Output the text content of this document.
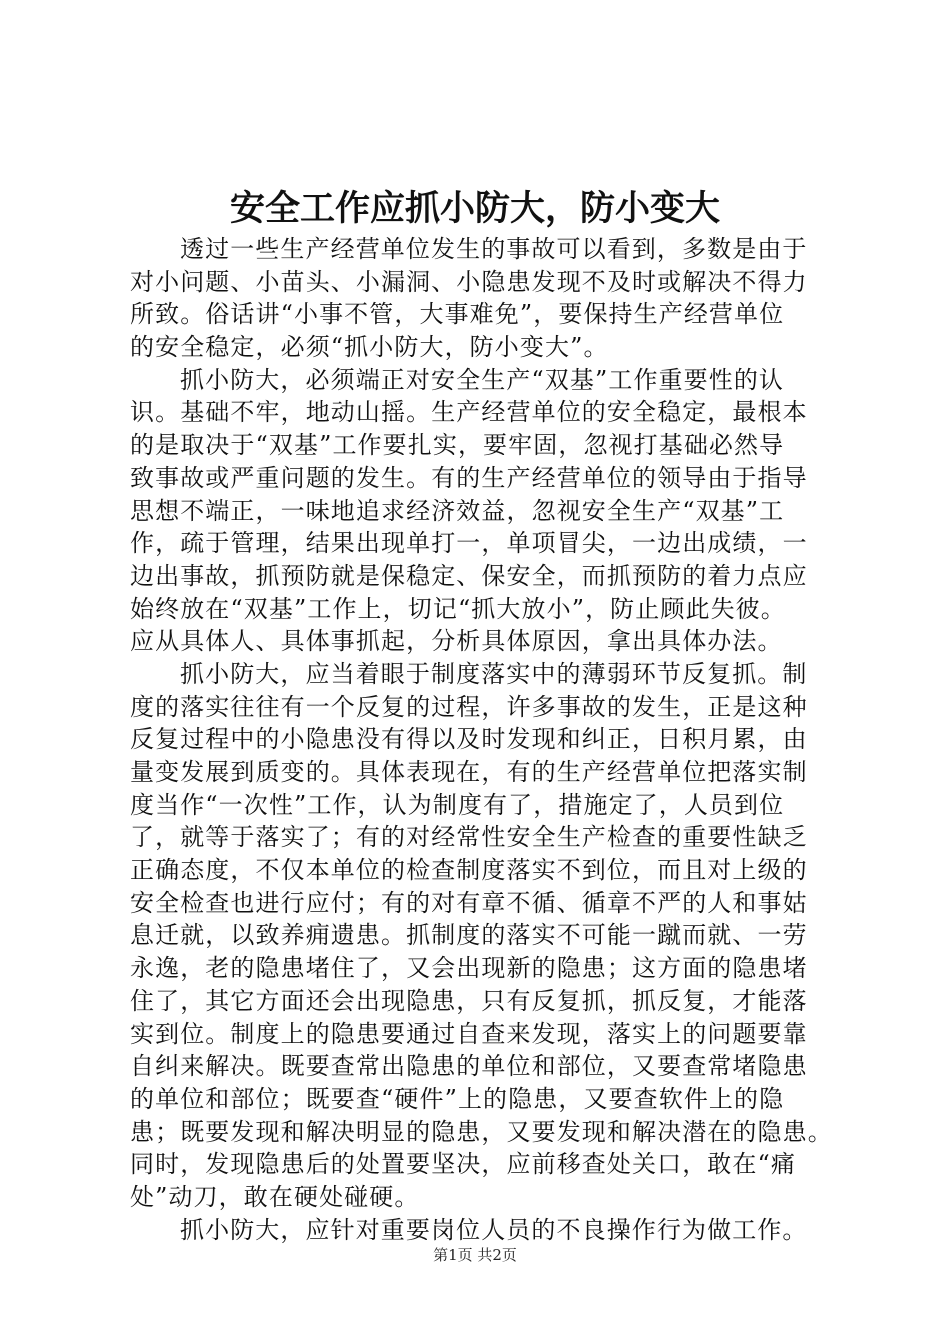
安全工作应抓小防大，防小变大
透过一些生产经营单位发生的事故可以看到，多数是由于
对小问题、小苗头、小漏洞、小隐患发现不及时或解决不得力
所致。俗话讲“小事不管，大事难免”，要保持生产经营单位
的安全稳定，必须“抓小防大，防小变大”。
抓小防大，必须端正对安全生产“双基”工作重要性的认
识。基础不牢，地动山摇。生产经营单位的安全稳定，最根本
的是取决于“双基”工作要扎实，要牢固，忽视打基础必然导
致事故或严重问题的发生。有的生产经营单位的领导由于指导
思想不端正，一味地追求经济效益，忽视安全生产“双基”工
作，疏于管理，结果出现单打一，单项冒尖，一边出成绩，一
边出事故，抓预防就是保稳定、保安全，而抓预防的着力点应
始终放在“双基”工作上，切记“抓大放小”，防止顾此失彼。
应从具体人、具体事抓起，分析具体原因，拿出具体办法。
抓小防大，应当着眼于制度落实中的薄弱环节反复抓。制
度的落实往往有一个反复的过程，许多事故的发生，正是这种
反复过程中的小隐患没有得以及时发现和纠正，日积月累，由
量变发展到质变的。具体表现在，有的生产经营单位把落实制
度当作“一次性”工作，认为制度有了，措施定了，人员到位
了，就等于落实了；有的对经常性安全生产检查的重要性缺乏
正确态度，不仅本单位的检查制度落实不到位，而且对上级的
安全检查也进行应付；有的对有章不循、循章不严的人和事姑
息迁就，以致养痈遗患。抓制度的落实不可能一蹴而就、一劳
永逸，老的隐患堵住了，又会出现新的隐患；这方面的隐患堵
住了，其它方面还会出现隐患，只有反复抓，抓反复，才能落
实到位。制度上的隐患要通过自查来发现，落实上的问题要靠
自纠来解决。既要查常出隐患的单位和部位，又要查常堵隐患
的单位和部位；既要查“硬件”上的隐患，又要查软件上的隐
患；既要发现和解决明显的隐患，又要发现和解决潜在的隐患。
同时，发现隐患后的处置要坚决，应前移查处关口，敢在“痛
处”动刀，敢在硬处碰硬。
抓小防大，应针对重要岗位人员的不良操作行为做工作。
第1页 共2页
